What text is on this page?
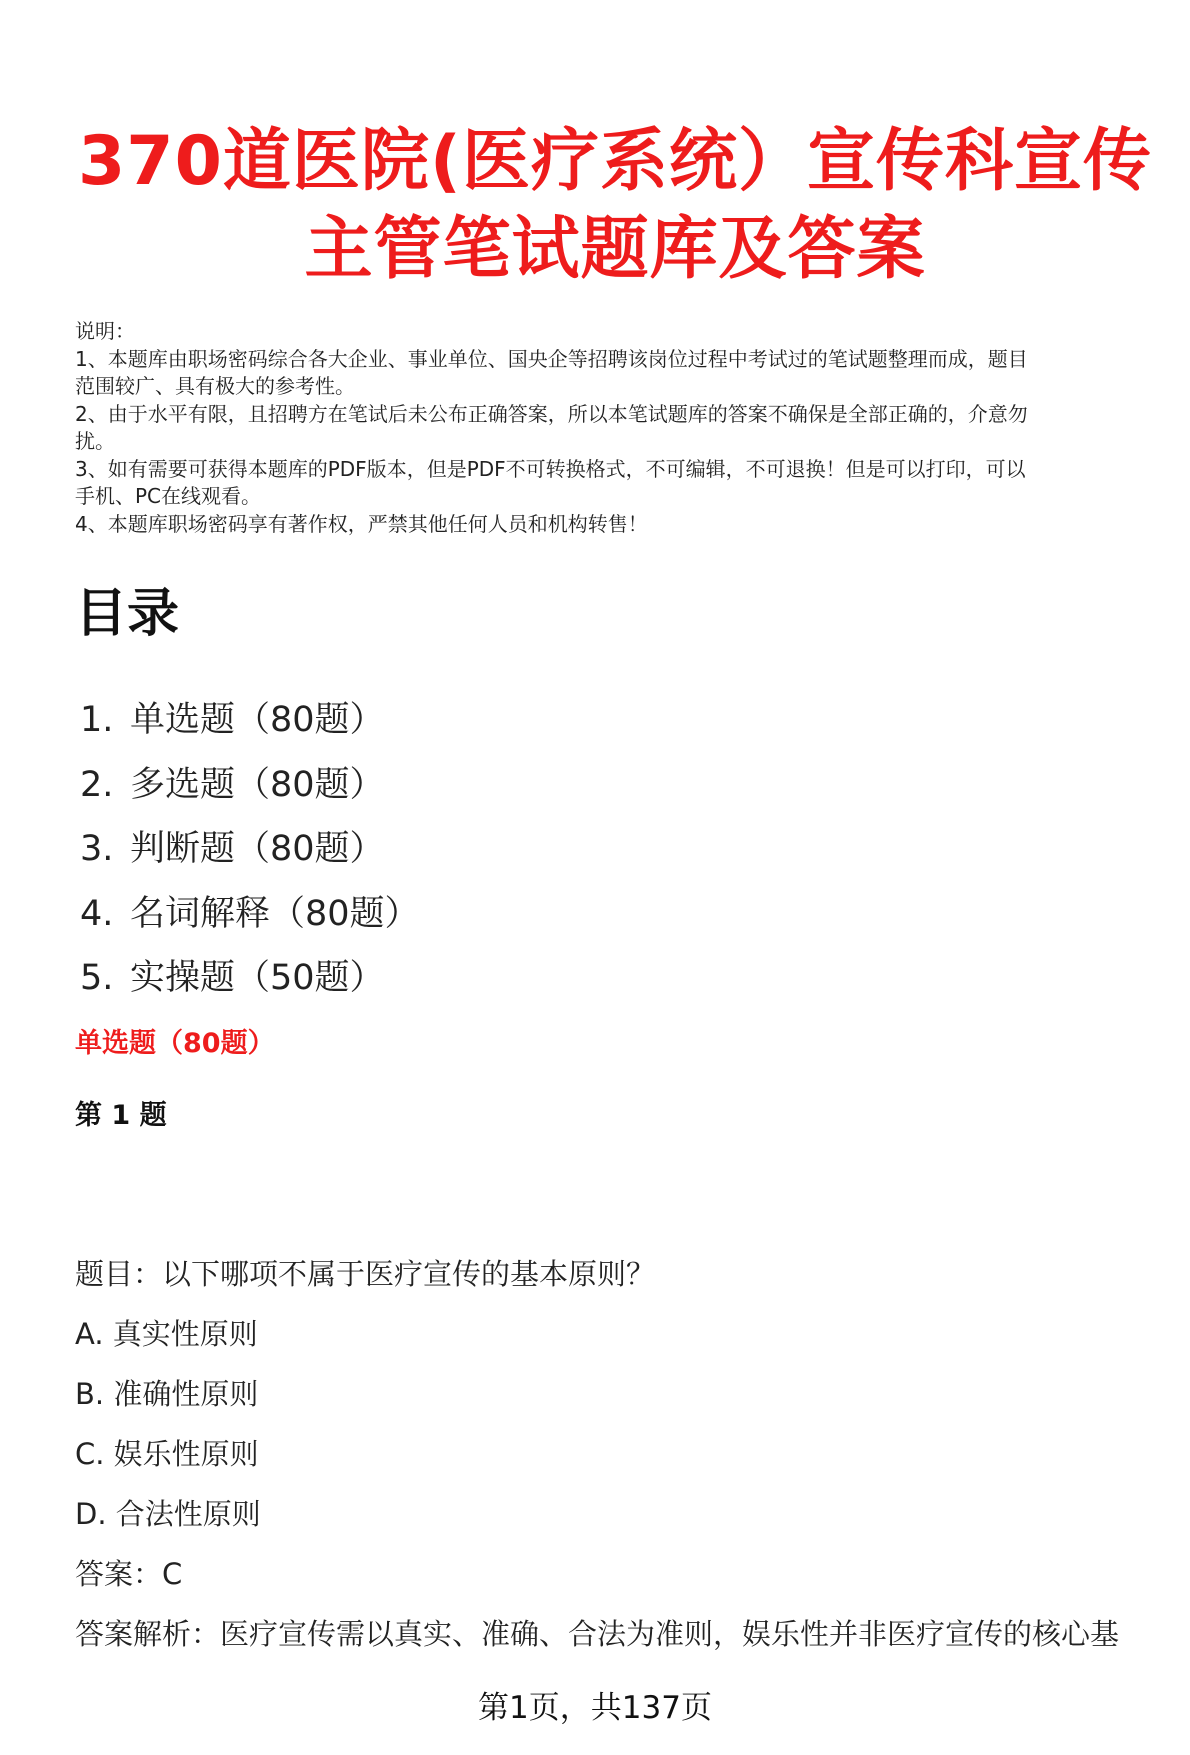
370道医院(医疗系统）宣传科宣传
主管笔试题库及答案
说明：
1、本题库由职场密码综合各大企业、事业单位、国央企等招聘该岗位过程中考试过的笔试题整理而成，题目
范围较广、具有极大的参考性。
2、由于水平有限，且招聘方在笔试后未公布正确答案，所以本笔试题库的答案不确保是全部正确的，介意勿
扰。
3、如有需要可获得本题库的PDF版本，但是PDF不可转换格式，不可编辑，不可退换！但是可以打印，可以
手机、PC在线观看。
4、本题库职场密码享有著作权，严禁其他任何人员和机构转售！
目录
1. 单选题（80题）
2. 多选题（80题）
3. 判断题（80题）
4. 名词解释（80题）
5. 实操题（50题）
单选题（80题）
第 1 题
题目：以下哪项不属于医疗宣传的基本原则？
A. 真实性原则
B. 准确性原则
C. 娱乐性原则
D. 合法性原则
答案：C
答案解析：医疗宣传需以真实、准确、合法为准则，娱乐性并非医疗宣传的核心基
第1页，共137页
